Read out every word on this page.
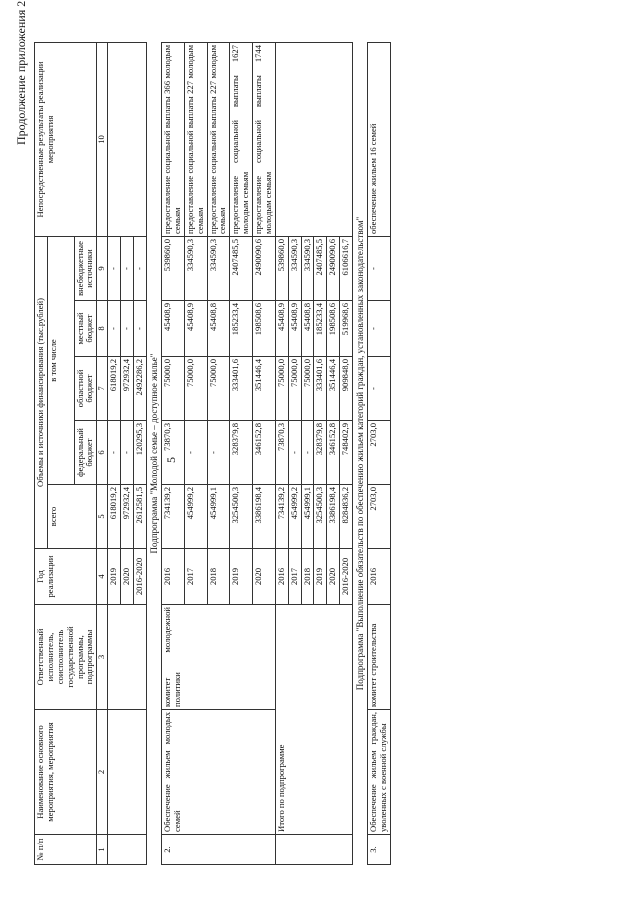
5
Продолжение приложения 2
№ п/п	Наименование основного мероприятия, мероприятия	Ответственный исполнитель, соисполнитель государственной программы, подпрограммы	Год реализации	Объемы и источники финансирования (тыс.рублей)					Непосредственные результаты реализации мероприятия
				всего	в том числе				
					федеральный бюджет	областной бюджет	местный бюджет	внебюджетные источники	
1	2	3	4	5	6	7	8	9	10
			2019	618019,2	-	618019,2	-	-	
			2020	972932,4	-	972932,4	-	-	
			2016-2020	2612581,5	120295,3	2492286,2	-	-	
Подпрограмма "Молодой семье – доступное жилье"									
2.	Обеспечение жильем молодых семей	комитет молодежной политики	2016	734139,2	73870,3	75000,0	45408,9	539860,0	предоставление социальной выплаты 366 молодым семьям
			2017	454999,2	-	75000,0	45408,9	334590,3	предоставление социальной выплаты 227 молодым семьям
			2018	454999,1	-	75000,0	45408,8	334590,3	предоставление социальной выплаты 227 молодым семьям
			2019	3254500,3	328379,8	333401,6	185233,4	2407485,5	предоставление социальной выплаты 1627 молодым семьям
			2020	3386198,4	346152,8	351446,4	198508,6	2490090,6	предоставление социальной выплаты 1744 молодым семьям
	Итого по подпрограмме		2016	734139,2	73870,3	75000,0	45408,9	539860,0	
			2017	454999,2	-	75000,0	45408,9	334590,3	
			2018	454999,1	-	75000,0	45408,8	334590,3	
			2019	3254500,3	328379,8	333401,6	185233,4	2407485,5	
			2020	3386198,4	346152,8	351446,4	198508,6	2490090,6	
			2016-2020	8284836,2	748402,9	909848,0	519968,6	6106616,7	
Подпрограмма "Выполнение обязательств по обеспечению жильем категорий граждан, установленных законодательством"									
3.	Обеспечение жильем граждан, уволенных с военной службы	комитет строительства	2016	2703,0	2703,0	-	-	-	обеспечение жильем 16 семей
